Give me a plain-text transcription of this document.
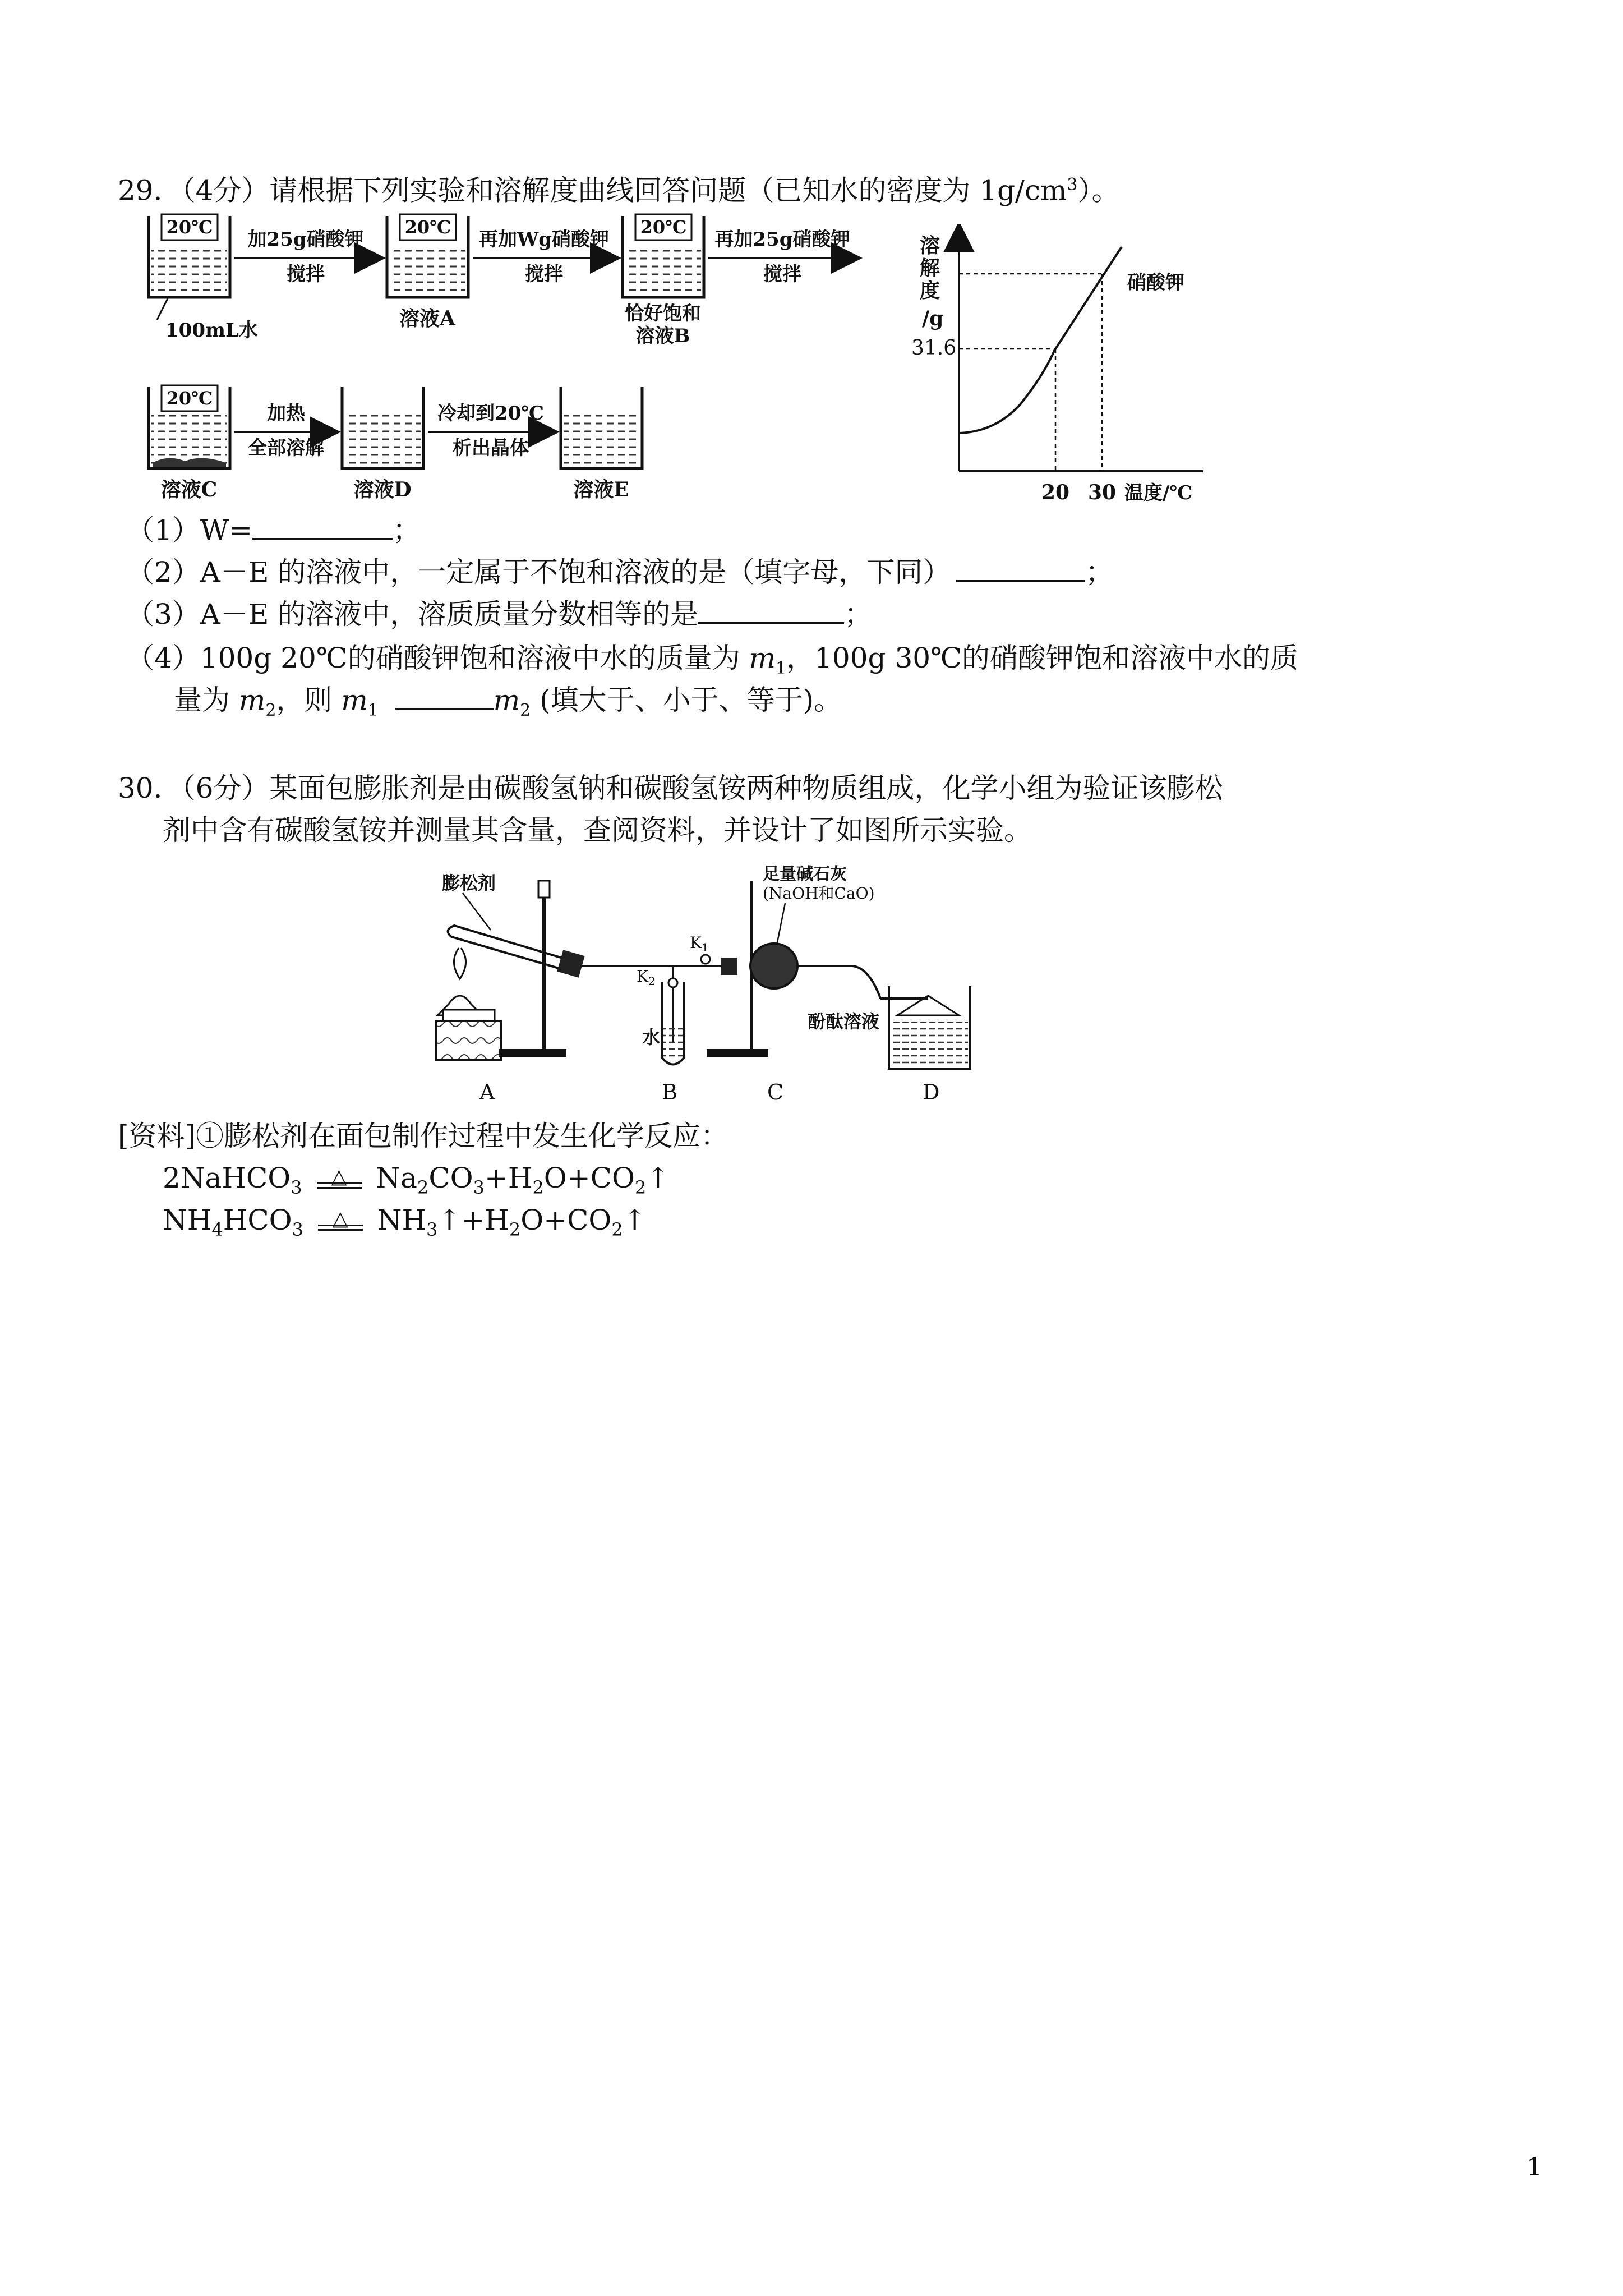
29．（4分）请根据下列实验和溶解度曲线回答问题（已知水的密度为 $1g/cm^3$）。
20℃
100mL水
加25g硝酸钾
搅拌
20℃
溶液A
再加Wg硝酸钾
搅拌
20℃
恰好饱和
溶液B
再加25g硝酸钾
搅拌
20℃
溶液C
加热
全部溶解
溶液D
冷却到20℃
析出晶体
溶液E
溶
解
度
/g
31.6
硝酸钾
20 30 温度/℃
（1）W=	；
（2）A－E 的溶液中，一定属于不饱和溶液的是（填字母，下同）	；
（3）A－E 的溶液中，溶质质量分数相等的是	；
（4）100g 20℃的硝酸钾饱和溶液中水的质量为 $m_1$，100g 30℃的硝酸钾饱和溶液中水的质
量为 $m_2$，则 $m_1$	$m_2$ (填大于、小于、等于)。
30．（6分）某面包膨胀剂是由碳酸氢钠和碳酸氢铵两种物质组成，化学小组为验证该膨松
剂中含有碳酸氢铵并测量其含量，查阅资料，并设计了如图所示实验。
膨松剂
水
$K_2$
$K_1$
足量碱石灰
(NaOH和CaO)
酚酞溶液
A	B	C	D
[资料]①膨松剂在面包制作过程中发生化学反应：
2NaHCO$_3$ △ $Na_2CO_3+H_2O+CO_2↑$
$NH_4HCO_3$ △ $NH_3↑+H_2O+CO_2↑$
1
